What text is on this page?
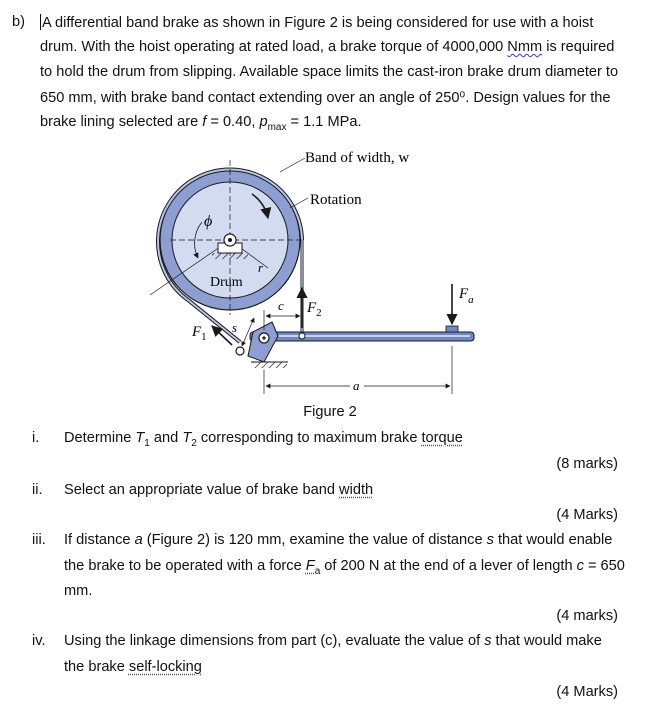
b) A differential band brake as shown in Figure 2 is being considered for use with a hoist
drum. With the hoist operating at rated load, a brake torque of 4000,000 Nmm is required
to hold the drum from slipping. Available space limits the cast-iron brake drum diameter to
650 mm, with brake band contact extending over an angle of 250⁰. Design values for the
brake lining selected are f = 0.40, $p_{max} = 1.1$ MPa.
ϕ
r
Drum
Band of width, w
Rotation
$F_2$
$F_1$
$F_a$
c
s
a
Figure 2
i. Determine $T_1$ and $T_2$ corresponding to maximum brake torque
(8 marks)
ii. Select an appropriate value of brake band width
(4 Marks)
iii. If distance a (Figure 2) is 120 mm, examine the value of distance s that would enable
the brake to be operated with a force $F_a$ of 200 N at the end of a lever of length c = 650
mm.
(4 marks)
iv. Using the linkage dimensions from part (c), evaluate the value of s that would make
the brake self-locking
(4 Marks)
